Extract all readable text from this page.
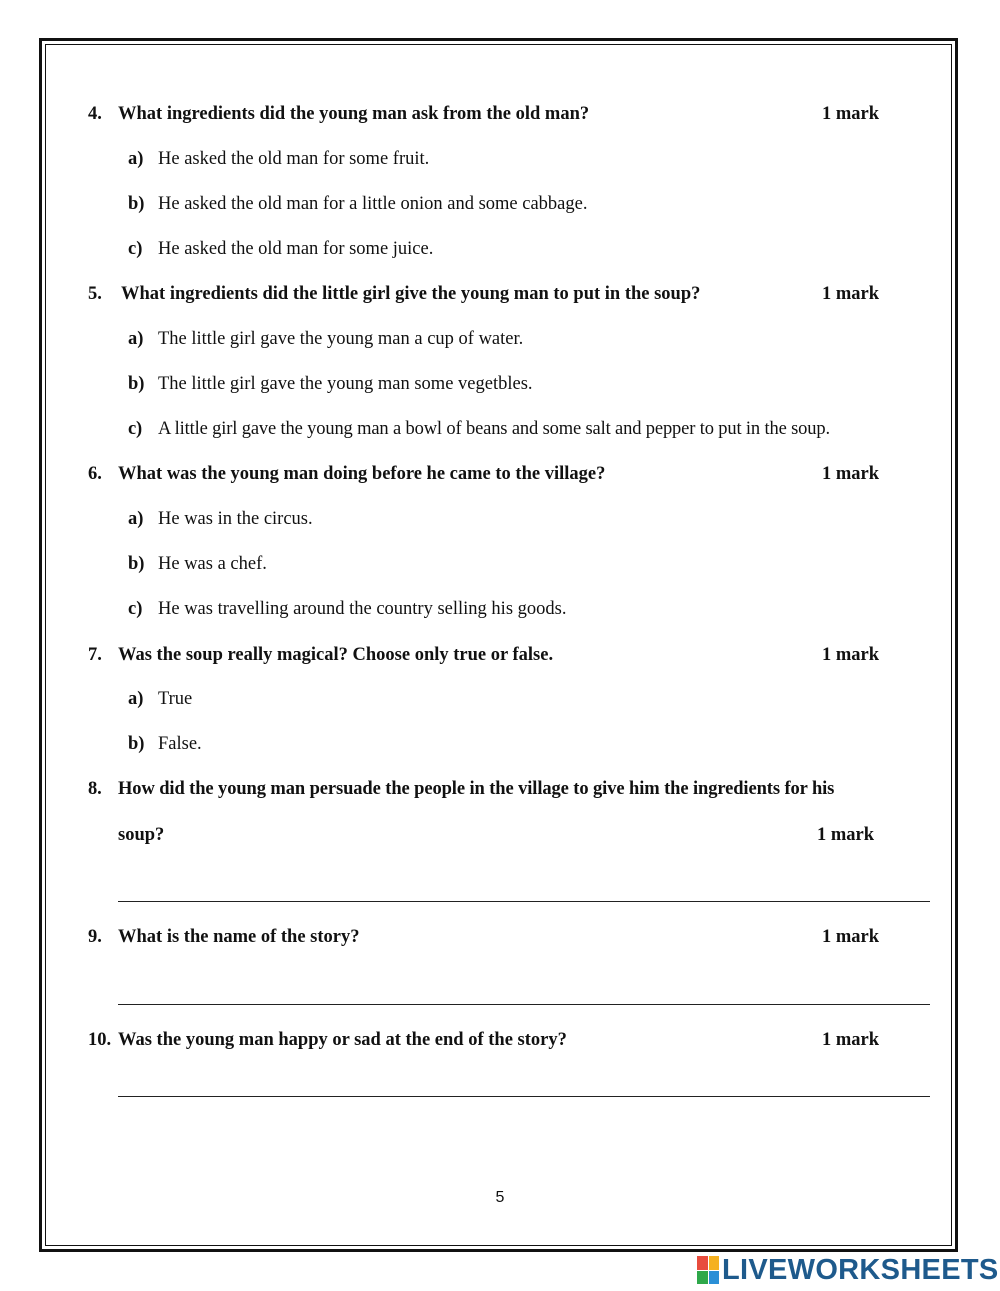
4. What ingredients did the young man ask from the old man?	1 mark
a) He asked the old man for some fruit.
b) He asked the old man for a little onion and some cabbage.
c) He asked the old man for some juice.
5. What ingredients did the little girl give the young man to put in the soup?	1 mark
a) The little girl gave the young man a cup of water.
b) The little girl gave the young man some vegetbles.
c) A little girl gave the young man a bowl of beans and some salt and pepper to put in the soup.
6. What was the young man doing before he came to the village?	1 mark
a) He was in the circus.
b) He was a chef.
c) He was travelling around the country selling his goods.
7. Was the soup really magical? Choose only true or false.	1 mark
a) True
b) False.
8. How did the young man persuade the people in the village to give him the ingredients for his
soup?	1 mark
9. What is the name of the story?	1 mark
10. Was the young man happy or sad at the end of the story?	1 mark
5
LIVEWORKSHEETS
